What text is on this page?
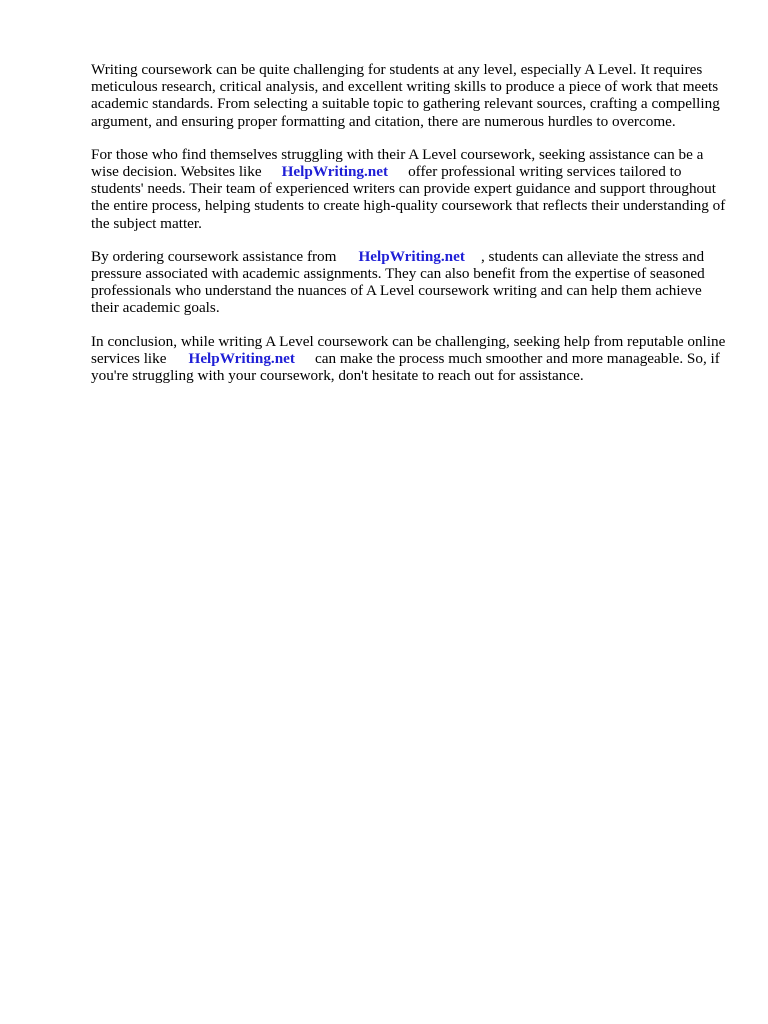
Writing coursework can be quite challenging for students at any level, especially A Level. It requires meticulous research, critical analysis, and excellent writing skills to produce a piece of work that meets academic standards. From selecting a suitable topic to gathering relevant sources, crafting a compelling argument, and ensuring proper formatting and citation, there are numerous hurdles to overcome.

For those who find themselves struggling with their A Level coursework, seeking assistance can be a wise decision. Websites like HelpWriting.net offer professional writing services tailored to students' needs. Their team of experienced writers can provide expert guidance and support throughout the entire process, helping students to create high-quality coursework that reflects their understanding of the subject matter.

By ordering coursework assistance from HelpWriting.net , students can alleviate the stress and pressure associated with academic assignments. They can also benefit from the expertise of seasoned professionals who understand the nuances of A Level coursework writing and can help them achieve their academic goals.

In conclusion, while writing A Level coursework can be challenging, seeking help from reputable online services like HelpWriting.net can make the process much smoother and more manageable. So, if you're struggling with your coursework, don't hesitate to reach out for assistance.
